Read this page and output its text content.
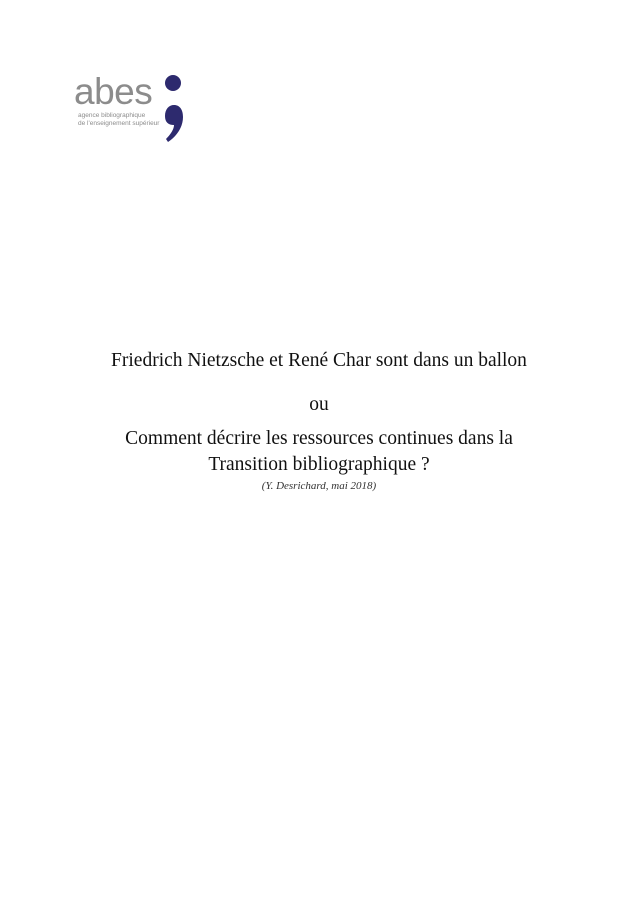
abes
agence bibliographique
de l'enseignement supérieur
Friedrich Nietzsche et René Char sont dans un ballon
ou
Comment décrire les ressources continues dans la
Transition bibliographique ?
(Y. Desrichard, mai 2018)
